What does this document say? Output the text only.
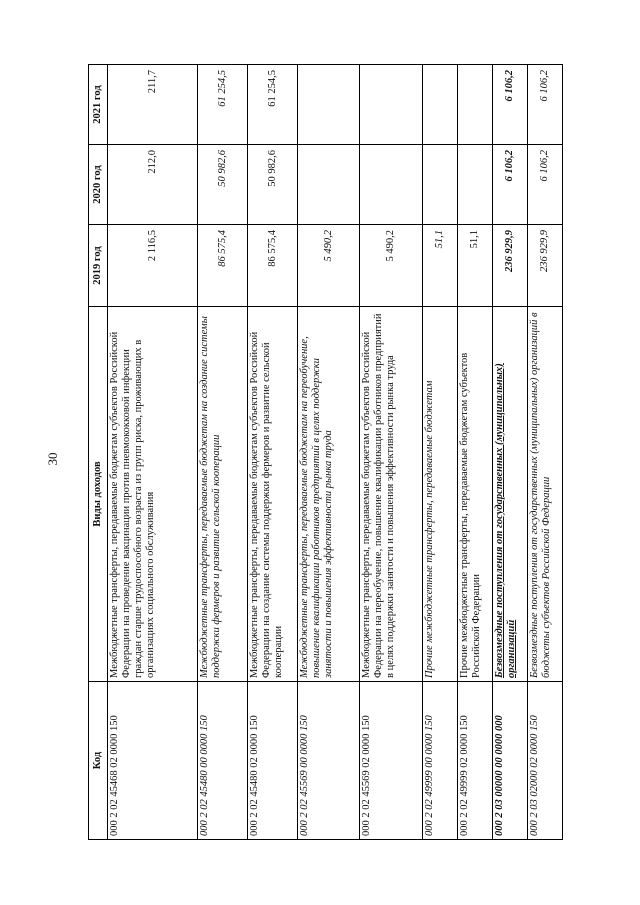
30
Код	Виды доходов	2019 год	2020 год	2021 год
000 2 02 45468 02 0000 150	Межбюджетные трансферты, передаваемые бюджетам субъектов Российской Федерации на проведение вакцинации против пневмококковой инфекции граждан старше трудоспособного возраста из групп риска, проживающих в организациях социального обслуживания	2 116,5	212,0	211,7
000 2 02 45480 00 0000 150	Межбюджетные трансферты, передаваемые бюджетам на создание системы поддержки фермеров и развитие сельской кооперации	86 575,4	50 982,6	61 254,5
000 2 02 45480 02 0000 150	Межбюджетные трансферты, передаваемые бюджетам субъектов Российской Федерации на создание системы поддержки фермеров и развитие сельской кооперации	86 575,4	50 982,6	61 254,5
000 2 02 45569 00 0000 150	Межбюджетные трансферты, передаваемые бюджетам на переобучение, повышение квалификации работников предприятий в целях поддержки занятости и повышения эффективности рынка труда	5 490,2		
000 2 02 45569 02 0000 150	Межбюджетные трансферты, передаваемые бюджетам субъектов Российской Федерации на переобучение, повышение квалификации работников предприятий в целях поддержки занятости и повышения эффективности рынка труда	5 490,2		
000 2 02 49999 00 0000 150	Прочие межбюджетные трансферты, передаваемые бюджетам	51,1		
000 2 02 49999 02 0000 150	Прочие межбюджетные трансферты, передаваемые бюджетам субъектов Российской Федерации	51,1		
000 2 03 00000 00 0000 000	Безвозмездные поступления от государственных (муниципальных) организаций	236 929,9	6 106,2	6 106,2
000 2 03 02000 02 0000 150	Безвозмездные поступления от государственных (муниципальных) организаций в бюджеты субъектов Российской Федерации	236 929,9	6 106,2	6 106,2
